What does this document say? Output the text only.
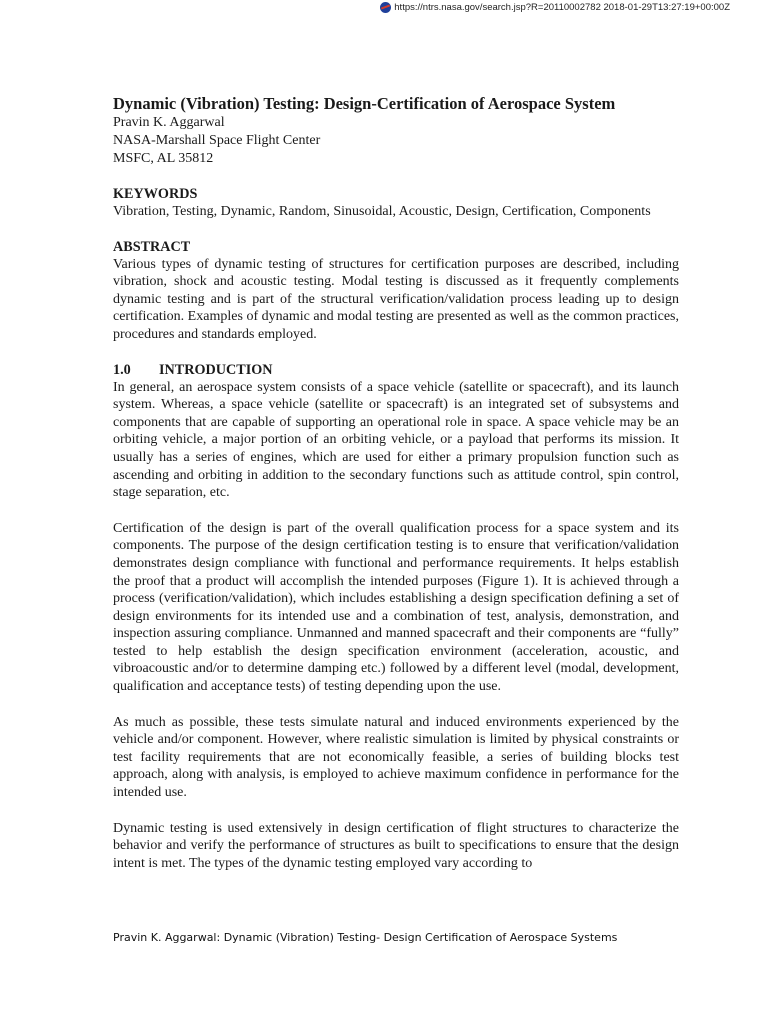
https://ntrs.nasa.gov/search.jsp?R=20110002782 2018-01-29T13:27:19+00:00Z
Dynamic (Vibration) Testing: Design-Certification of Aerospace System
Pravin K. Aggarwal
NASA-Marshall Space Flight Center
MSFC, AL 35812
KEYWORDS

Vibration, Testing, Dynamic, Random, Sinusoidal, Acoustic, Design, Certification, Components

ABSTRACT

Various types of dynamic testing of structures for certification purposes are described, including vibration, shock and acoustic testing. Modal testing is discussed as it frequently complements dynamic testing and is part of the structural verification/validation process leading up to design certification. Examples of dynamic and modal testing are presented as well as the common practices, procedures and standards employed.

1.0	INTRODUCTION

In general, an aerospace system consists of a space vehicle (satellite or spacecraft), and its launch system. Whereas, a space vehicle (satellite or spacecraft) is an integrated set of subsystems and components that are capable of supporting an operational role in space. A space vehicle may be an orbiting vehicle, a major portion of an orbiting vehicle, or a payload that performs its mission. It usually has a series of engines, which are used for either a primary propulsion function such as ascending and orbiting in addition to the secondary functions such as attitude control, spin control, stage separation, etc.

Certification of the design is part of the overall qualification process for a space system and its components. The purpose of the design certification testing is to ensure that verification/validation demonstrates design compliance with functional and performance requirements. It helps establish the proof that a product will accomplish the intended purposes (Figure 1). It is achieved through a process (verification/validation), which includes establishing a design specification defining a set of design environments for its intended use and a combination of test, analysis, demonstration, and inspection assuring compliance. Unmanned and manned spacecraft and their components are “fully” tested to help establish the design specification environment (acceleration, acoustic, and vibroacoustic and/or to determine damping etc.) followed by a different level (modal, development, qualification and acceptance tests) of testing depending upon the use.

As much as possible, these tests simulate natural and induced environments experienced by the vehicle and/or component. However, where realistic simulation is limited by physical constraints or test facility requirements that are not economically feasible, a series of building blocks test approach, along with analysis, is employed to achieve maximum confidence in performance for the intended use.

Dynamic testing is used extensively in design certification of flight structures to characterize the behavior and verify the performance of structures as built to specifications to ensure that the design intent is met. The types of the dynamic testing employed vary according to

Pravin K. Aggarwal: Dynamic (Vibration) Testing- Design Certification of Aerospace Systems
